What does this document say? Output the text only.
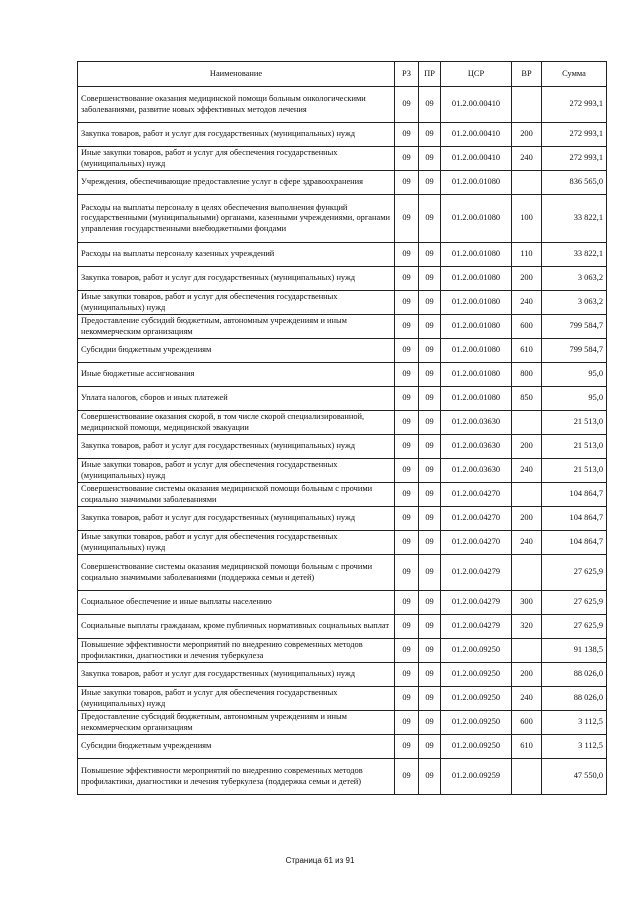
Наименование	РЗ	ПР	ЦСР	ВР	Сумма
Совершенствование оказания медицинской помощи больным онкологическими заболеваниями, развитие новых эффективных методов лечения	09	09	01.2.00.00410		272 993,1
Закупка товаров, работ и услуг для государственных (муниципальных) нужд	09	09	01.2.00.00410	200	272 993,1
Иные закупки товаров, работ и услуг для обеспечения государственных (муниципальных) нужд	09	09	01.2.00.00410	240	272 993,1
Учреждения, обеспечивающие предоставление услуг в сфере здравоохранения	09	09	01.2.00.01080		836 565,0
Расходы на выплаты персоналу в целях обеспечения выполнения функций государственными (муниципальными) органами, казенными учреждениями, органами управления государственными внебюджетными фондами	09	09	01.2.00.01080	100	33 822,1
Расходы на выплаты персоналу казенных учреждений	09	09	01.2.00.01080	110	33 822,1
Закупка товаров, работ и услуг для государственных (муниципальных) нужд	09	09	01.2.00.01080	200	3 063,2
Иные закупки товаров, работ и услуг для обеспечения государственных (муниципальных) нужд	09	09	01.2.00.01080	240	3 063,2
Предоставление субсидий бюджетным, автономным учреждениям и иным некоммерческим организациям	09	09	01.2.00.01080	600	799 584,7
Субсидии бюджетным учреждениям	09	09	01.2.00.01080	610	799 584,7
Иные бюджетные ассигнования	09	09	01.2.00.01080	800	95,0
Уплата налогов, сборов и иных платежей	09	09	01.2.00.01080	850	95,0
Совершенствование оказания скорой, в том числе скорой специализированной, медицинской помощи, медицинской эвакуации	09	09	01.2.00.03630		21 513,0
Закупка товаров, работ и услуг для государственных (муниципальных) нужд	09	09	01.2.00.03630	200	21 513,0
Иные закупки товаров, работ и услуг для обеспечения государственных (муниципальных) нужд	09	09	01.2.00.03630	240	21 513,0
Совершенствование системы оказания медицинской помощи больным с прочими социально значимыми заболеваниями	09	09	01.2.00.04270		104 864,7
Закупка товаров, работ и услуг для государственных (муниципальных) нужд	09	09	01.2.00.04270	200	104 864,7
Иные закупки товаров, работ и услуг для обеспечения государственных (муниципальных) нужд	09	09	01.2.00.04270	240	104 864,7
Совершенствование системы оказания медицинской помощи больным с прочими социально значимыми заболеваниями (поддержка семьи и детей)	09	09	01.2.00.04279		27 625,9
Социальное обеспечение и иные выплаты населению	09	09	01.2.00.04279	300	27 625,9
Социальные выплаты гражданам, кроме публичных нормативных социальных выплат	09	09	01.2.00.04279	320	27 625,9
Повышение эффективности мероприятий по внедрению современных методов профилактики, диагностики и лечения туберкулеза	09	09	01.2.00.09250		91 138,5
Закупка товаров, работ и услуг для государственных (муниципальных) нужд	09	09	01.2.00.09250	200	88 026,0
Иные закупки товаров, работ и услуг для обеспечения государственных (муниципальных) нужд	09	09	01.2.00.09250	240	88 026,0
Предоставление субсидий бюджетным, автономным учреждениям и иным некоммерческим организациям	09	09	01.2.00.09250	600	3 112,5
Субсидии бюджетным учреждениям	09	09	01.2.00.09250	610	3 112,5
Повышение эффективности мероприятий по внедрению современных методов профилактики, диагностики и лечения туберкулеза (поддержка семьи и детей)	09	09	01.2.00.09259		47 550,0
Страница 61 из 91
